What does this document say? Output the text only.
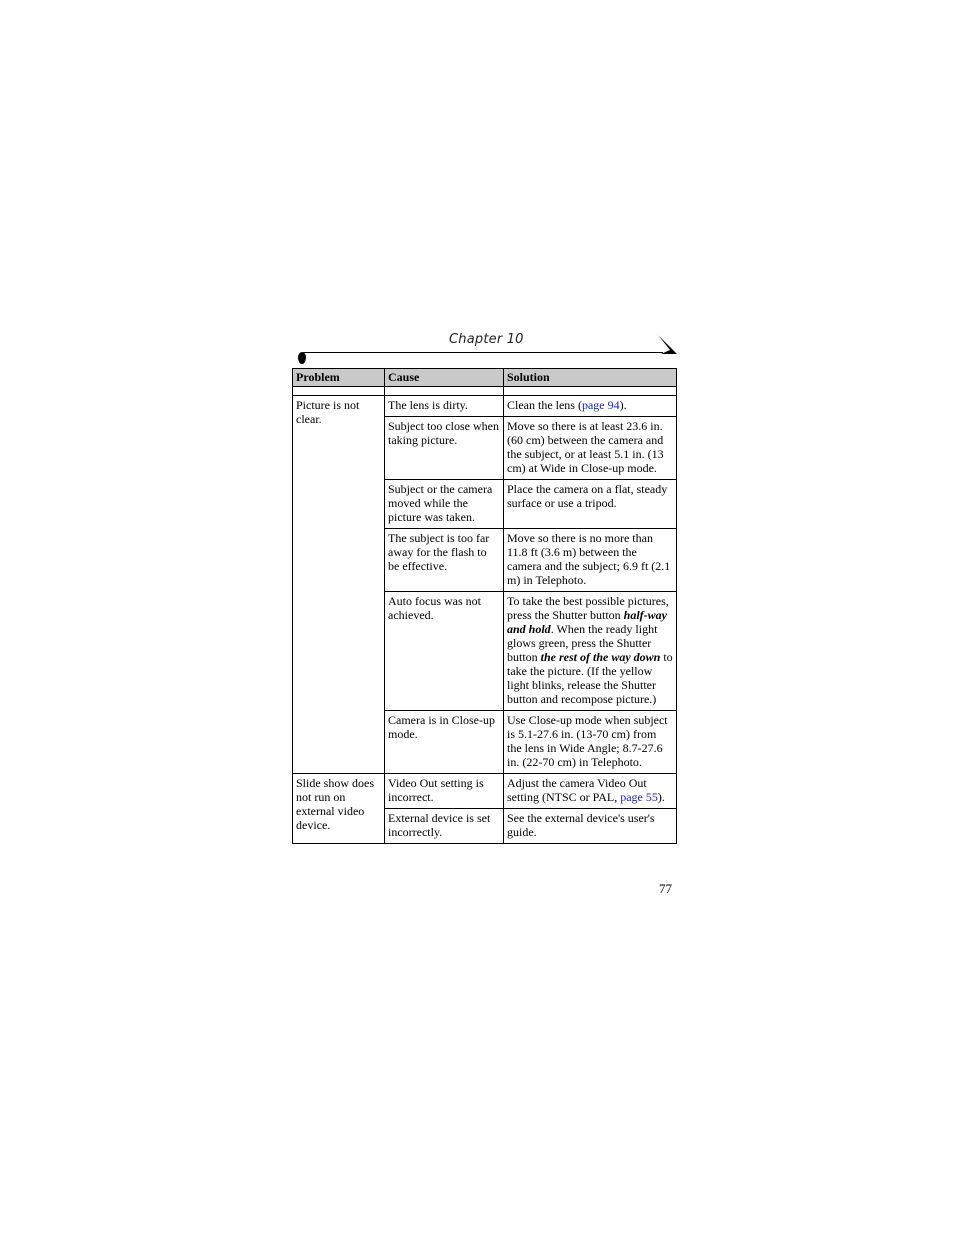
Chapter 10
Problem	Cause	Solution

Picture is not clear.	The lens is dirty.	Clean the lens (page 94).
	Subject too close when taking picture.	Move so there is at least 23.6 in. (60 cm) between the camera and the subject, or at least 5.1 in. (13 cm) at Wide in Close-up mode.
	Subject or the camera moved while the picture was taken.	Place the camera on a flat, steady surface or use a tripod.
	The subject is too far away for the flash to be effective.	Move so there is no more than 11.8 ft (3.6 m) between the camera and the subject; 6.9 ft (2.1 m) in Telephoto.
	Auto focus was not achieved.	To take the best possible pictures, press the Shutter button half-way and hold. When the ready light glows green, press the Shutter button the rest of the way down to take the picture. (If the yellow light blinks, release the Shutter button and recompose picture.)
	Camera is in Close-up mode.	Use Close-up mode when subject is 5.1-27.6 in. (13-70 cm) from the lens in Wide Angle; 8.7-27.6 in. (22-70 cm) in Telephoto.
Slide show does not run on external video device.	Video Out setting is incorrect.	Adjust the camera Video Out setting (NTSC or PAL, page 55).
	External device is set incorrectly.	See the external device's user's guide.
77
